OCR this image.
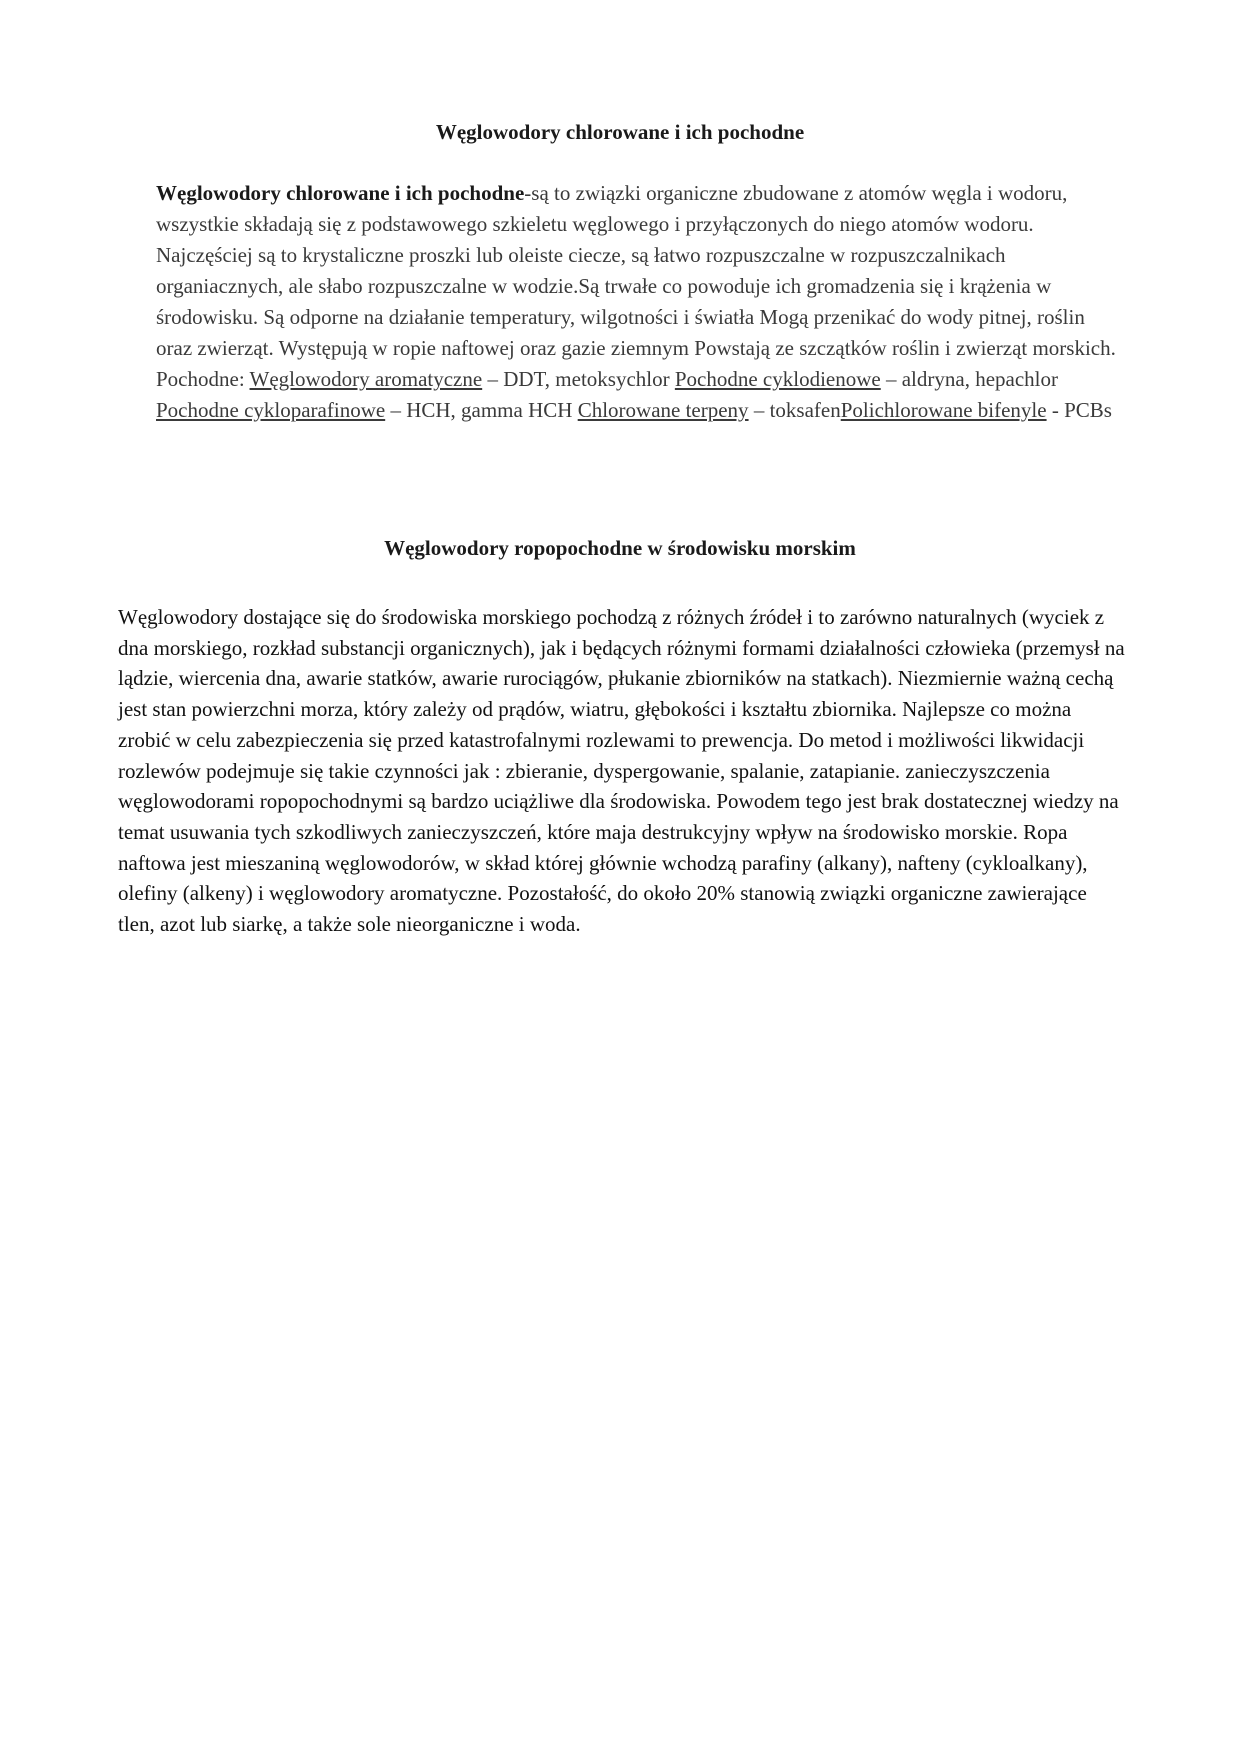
Węglowodory chlorowane i ich pochodne

Węglowodory chlorowane i ich pochodne-są to związki organiczne zbudowane z atomów węgla i wodoru, wszystkie składają się z podstawowego szkieletu węglowego i przyłączonych do niego atomów wodoru. Najczęściej są to krystaliczne proszki lub oleiste ciecze, są łatwo rozpuszczalne w rozpuszczalnikach organiacznych, ale słabo rozpuszczalne w wodzie.Są trwałe co powoduje ich gromadzenia się i krążenia w środowisku. Są odporne na działanie temperatury, wilgotności i światła Mogą przenikać do wody pitnej, roślin oraz zwierząt. Występują w ropie naftowej oraz gazie ziemnym Powstają ze szczątków roślin i zwierząt morskich.

Pochodne: Węglowodory aromatyczne – DDT, metoksychlor Pochodne cyklodienowe – aldryna, hepachlor Pochodne cykloparafinowe – HCH, gamma HCH Chlorowane terpeny – toksafenPolichlorowane bifenyle - PCBs

Węglowodory ropopochodne w środowisku morskim

Węglowodory dostające się do środowiska morskiego pochodzą z różnych źródeł i to zarówno naturalnych (wyciek z dna morskiego, rozkład substancji organicznych), jak i będących różnymi formami działalności człowieka (przemysł na lądzie, wiercenia dna, awarie statków, awarie rurociągów, płukanie zbiorników na statkach). Niezmiernie ważną cechą jest stan powierzchni morza, który zależy od prądów, wiatru, głębokości i kształtu zbiornika. Najlepsze co można zrobić w celu zabezpieczenia się przed katastrofalnymi rozlewami to prewencja. Do metod i możliwości likwidacji rozlewów podejmuje się takie czynności jak : zbieranie, dyspergowanie, spalanie, zatapianie. zanieczyszczenia węglowodorami ropopochodnymi są bardzo uciążliwe dla środowiska. Powodem tego jest brak dostatecznej wiedzy na temat usuwania tych szkodliwych zanieczyszczeń, które maja destrukcyjny wpływ na środowisko morskie. Ropa naftowa jest mieszaniną węglowodorów, w skład której głównie wchodzą parafiny (alkany), nafteny (cykloalkany), olefiny (alkeny) i węglowodory aromatyczne. Pozostałość, do około 20% stanowią związki organiczne zawierające tlen, azot lub siarkę, a także sole nieorganiczne i woda.
